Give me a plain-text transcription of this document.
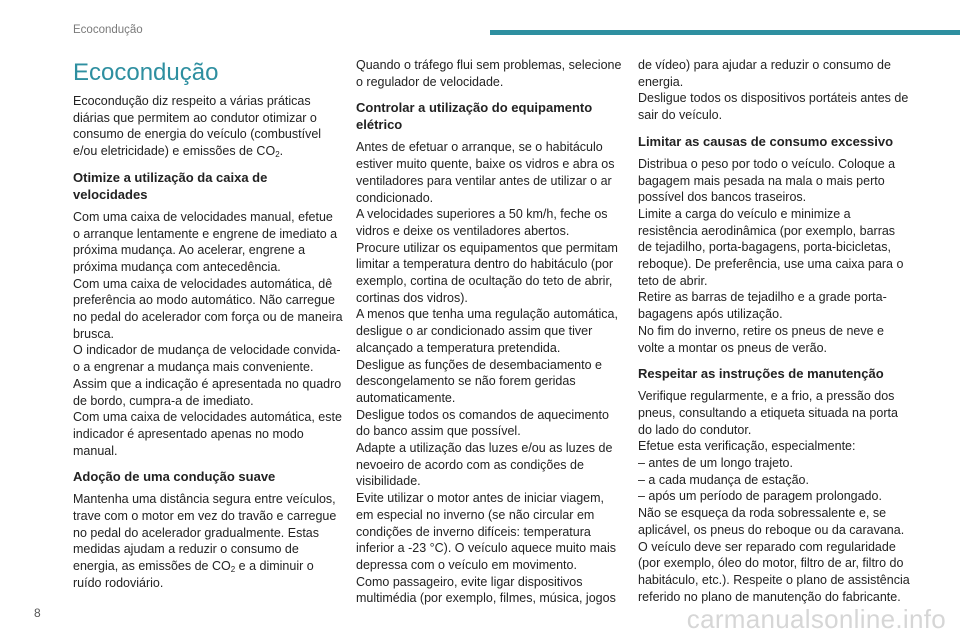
Ecocondução
Ecocondução

Ecocondução diz respeito a várias práticas diárias que permitem ao condutor otimizar o consumo de energia do veículo (combustível e/ou eletricidade) e emissões de $CO_2$.

Otimize a utilização da caixa de velocidades

Com uma caixa de velocidades manual, efetue o arranque lentamente e engrene de imediato a próxima mudança. Ao acelerar, engrene a próxima mudança com antecedência.
Com uma caixa de velocidades automática, dê preferência ao modo automático. Não carregue no pedal do acelerador com força ou de maneira brusca.
O indicador de mudança de velocidade convida-o a engrenar a mudança mais conveniente. Assim que a indicação é apresentada no quadro de bordo, cumpra-a de imediato.
Com uma caixa de velocidades automática, este indicador é apresentado apenas no modo manual.

Adoção de uma condução suave

Mantenha uma distância segura entre veículos, trave com o motor em vez do travão e carregue no pedal do acelerador gradualmente. Estas medidas ajudam a reduzir o consumo de energia, as emissões de $CO_2$ e a diminuir o ruído rodoviário.

Quando o tráfego flui sem problemas, selecione o regulador de velocidade.

Controlar a utilização do equipamento elétrico

Antes de efetuar o arranque, se o habitáculo estiver muito quente, baixe os vidros e abra os ventiladores para ventilar antes de utilizar o ar condicionado.
A velocidades superiores a 50 km/h, feche os vidros e deixe os ventiladores abertos.
Procure utilizar os equipamentos que permitam limitar a temperatura dentro do habitáculo (por exemplo, cortina de ocultação do teto de abrir, cortinas dos vidros).
A menos que tenha uma regulação automática, desligue o ar condicionado assim que tiver alcançado a temperatura pretendida.
Desligue as funções de desembaciamento e descongelamento se não forem geridas automaticamente.
Desligue todos os comandos de aquecimento do banco assim que possível.
Adapte a utilização das luzes e/ou as luzes de nevoeiro de acordo com as condições de visibilidade.
Evite utilizar o motor antes de iniciar viagem, em especial no inverno (se não circular em condições de inverno difíceis: temperatura inferior a -23 °C). O veículo aquece muito mais depressa com o veículo em movimento.
Como passageiro, evite ligar dispositivos multimédia (por exemplo, filmes, música, jogos

de vídeo) para ajudar a reduzir o consumo de energia.
Desligue todos os dispositivos portáteis antes de sair do veículo.

Limitar as causas de consumo excessivo

Distribua o peso por todo o veículo. Coloque a bagagem mais pesada na mala o mais perto possível dos bancos traseiros.
Limite a carga do veículo e minimize a resistência aerodinâmica (por exemplo, barras de tejadilho, porta-bagagens, porta-bicicletas, reboque). De preferência, use uma caixa para o teto de abrir.
Retire as barras de tejadilho e a grade porta-bagagens após utilização.
No fim do inverno, retire os pneus de neve e volte a montar os pneus de verão.

Respeitar as instruções de manutenção

Verifique regularmente, e a frio, a pressão dos pneus, consultando a etiqueta situada na porta do lado do condutor.
Efetue esta verificação, especialmente:
– antes de um longo trajeto.
– a cada mudança de estação.
– após um período de paragem prolongado.
Não se esqueça da roda sobressalente e, se aplicável, os pneus do reboque ou da caravana.
O veículo deve ser reparado com regularidade (por exemplo, óleo do motor, filtro de ar, filtro do habitáculo, etc.). Respeite o plano de assistência referido no plano de manutenção do fabricante.

8	carmanualsonline.info
